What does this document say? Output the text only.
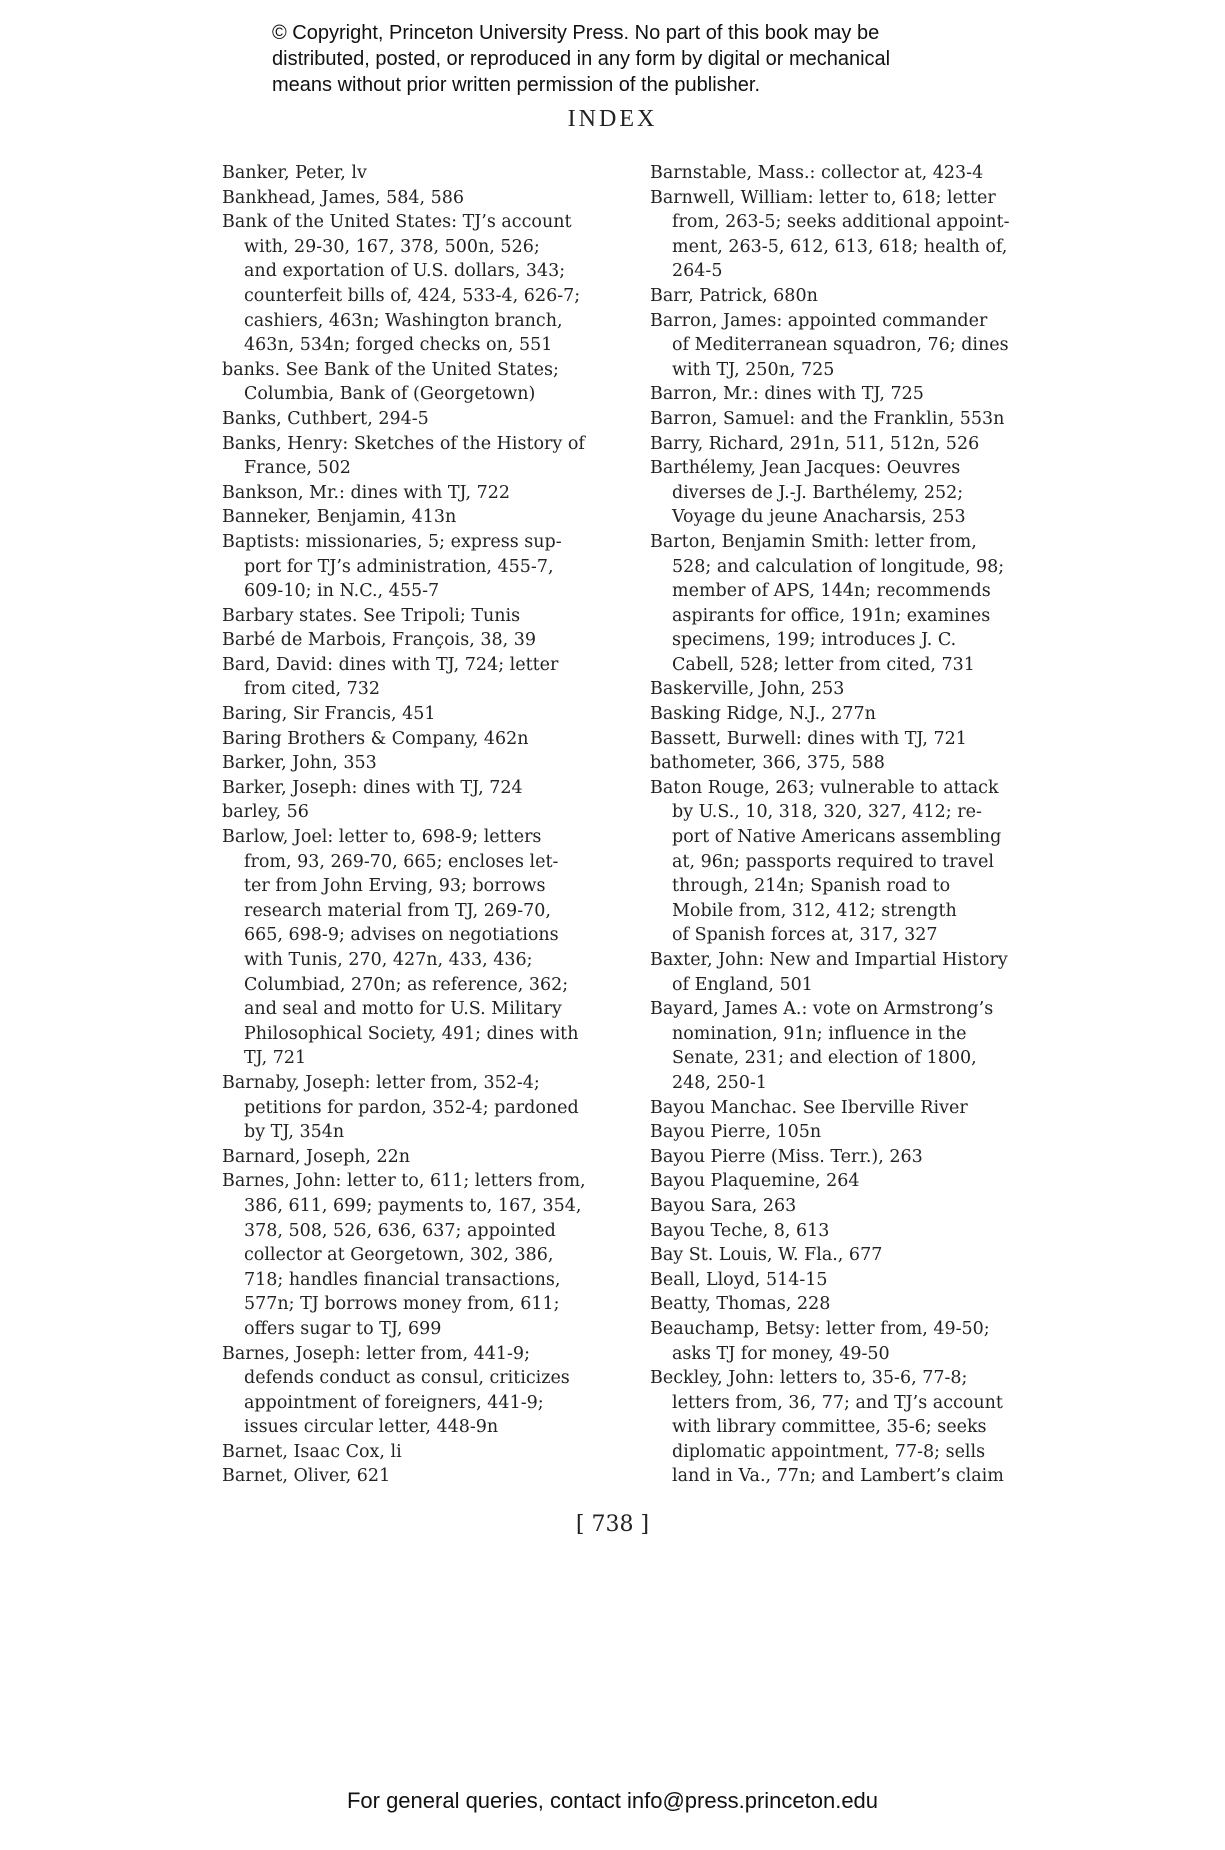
© Copyright, Princeton University Press. No part of this book may be
distributed, posted, or reproduced in any form by digital or mechanical
means without prior written permission of the publisher.
INDEX
Banker, Peter, lv
Bankhead, James, 584, 586
Bank of the United States: TJ’s account
with, 29-30, 167, 378, 500n, 526;
and exportation of U.S. dollars, 343;
counterfeit bills of, 424, 533-4, 626-7;
cashiers, 463n; Washington branch,
463n, 534n; forged checks on, 551
banks. See Bank of the United States;
Columbia, Bank of (Georgetown)
Banks, Cuthbert, 294-5
Banks, Henry: Sketches of the History of
France, 502
Bankson, Mr.: dines with TJ, 722
Banneker, Benjamin, 413n
Baptists: missionaries, 5; express sup-
port for TJ’s administration, 455-7,
609-10; in N.C., 455-7
Barbary states. See Tripoli; Tunis
Barbé de Marbois, François, 38, 39
Bard, David: dines with TJ, 724; letter
from cited, 732
Baring, Sir Francis, 451
Baring Brothers & Company, 462n
Barker, John, 353
Barker, Joseph: dines with TJ, 724
barley, 56
Barlow, Joel: letter to, 698-9; letters
from, 93, 269-70, 665; encloses let-
ter from John Erving, 93; borrows
research material from TJ, 269-70,
665, 698-9; advises on negotiations
with Tunis, 270, 427n, 433, 436;
Columbiad, 270n; as reference, 362;
and seal and motto for U.S. Military
Philosophical Society, 491; dines with
TJ, 721
Barnaby, Joseph: letter from, 352-4;
petitions for pardon, 352-4; pardoned
by TJ, 354n
Barnard, Joseph, 22n
Barnes, John: letter to, 611; letters from,
386, 611, 699; payments to, 167, 354,
378, 508, 526, 636, 637; appointed
collector at Georgetown, 302, 386,
718; handles financial transactions,
577n; TJ borrows money from, 611;
offers sugar to TJ, 699
Barnes, Joseph: letter from, 441-9;
defends conduct as consul, criticizes
appointment of foreigners, 441-9;
issues circular letter, 448-9n
Barnet, Isaac Cox, li
Barnet, Oliver, 621
Barnstable, Mass.: collector at, 423-4
Barnwell, William: letter to, 618; letter
from, 263-5; seeks additional appoint-
ment, 263-5, 612, 613, 618; health of,
264-5
Barr, Patrick, 680n
Barron, James: appointed commander
of Mediterranean squadron, 76; dines
with TJ, 250n, 725
Barron, Mr.: dines with TJ, 725
Barron, Samuel: and the Franklin, 553n
Barry, Richard, 291n, 511, 512n, 526
Barthélemy, Jean Jacques: Oeuvres
diverses de J.-J. Barthélemy, 252;
Voyage du jeune Anacharsis, 253
Barton, Benjamin Smith: letter from,
528; and calculation of longitude, 98;
member of APS, 144n; recommends
aspirants for office, 191n; examines
specimens, 199; introduces J. C.
Cabell, 528; letter from cited, 731
Baskerville, John, 253
Basking Ridge, N.J., 277n
Bassett, Burwell: dines with TJ, 721
bathometer, 366, 375, 588
Baton Rouge, 263; vulnerable to attack
by U.S., 10, 318, 320, 327, 412; re-
port of Native Americans assembling
at, 96n; passports required to travel
through, 214n; Spanish road to
Mobile from, 312, 412; strength
of Spanish forces at, 317, 327
Baxter, John: New and Impartial History
of England, 501
Bayard, James A.: vote on Armstrong’s
nomination, 91n; influence in the
Senate, 231; and election of 1800,
248, 250-1
Bayou Manchac. See Iberville River
Bayou Pierre, 105n
Bayou Pierre (Miss. Terr.), 263
Bayou Plaquemine, 264
Bayou Sara, 263
Bayou Teche, 8, 613
Bay St. Louis, W. Fla., 677
Beall, Lloyd, 514-15
Beatty, Thomas, 228
Beauchamp, Betsy: letter from, 49-50;
asks TJ for money, 49-50
Beckley, John: letters to, 35-6, 77-8;
letters from, 36, 77; and TJ’s account
with library committee, 35-6; seeks
diplomatic appointment, 77-8; sells
land in Va., 77n; and Lambert’s claim
[ 738 ]
For general queries, contact info@press.princeton.edu
